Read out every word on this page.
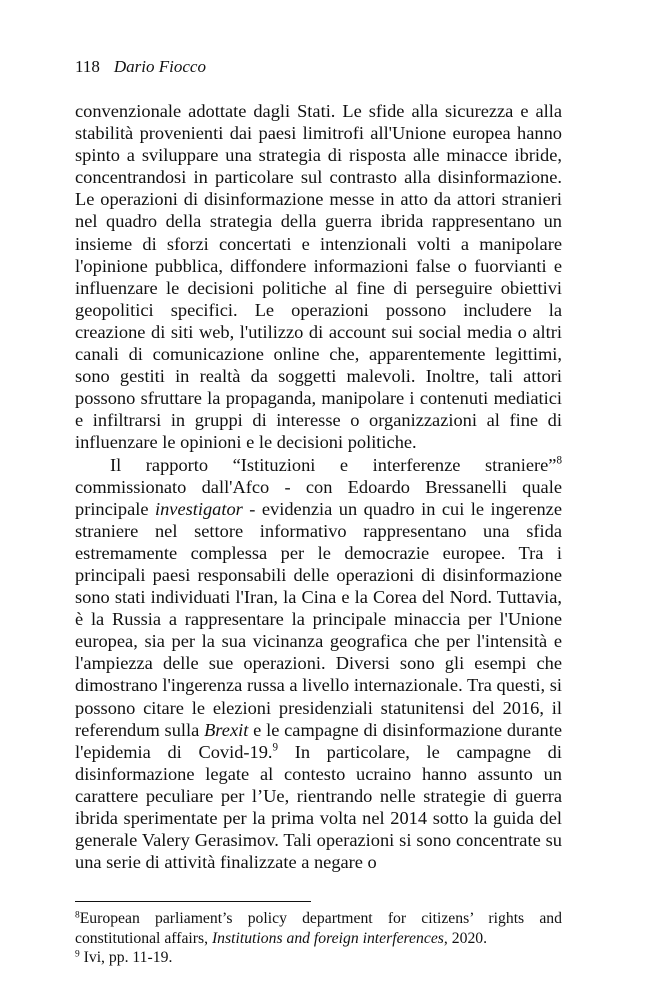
118 Dario Fiocco

convenzionale adottate dagli Stati. Le sfide alla sicurezza e alla stabilità provenienti dai paesi limitrofi all'Unione europea hanno spinto a sviluppare una strategia di risposta alle minacce ibride, concentrandosi in particolare sul contrasto alla disinformazione. Le operazioni di disinformazione messe in atto da attori stranieri nel quadro della strategia della guerra ibrida rappresentano un insieme di sforzi concertati e intenzionali volti a manipolare l'opinione pubblica, diffondere informazioni false o fuorvianti e influenzare le decisioni politiche al fine di perseguire obiettivi geopolitici specifici. Le operazioni possono includere la creazione di siti web, l'utilizzo di account sui social media o altri canali di comunicazione online che, apparentemente legittimi, sono gestiti in realtà da soggetti malevoli. Inoltre, tali attori possono sfruttare la propaganda, manipolare i contenuti mediatici e infiltrarsi in gruppi di interesse o organizzazioni al fine di influenzare le opinioni e le decisioni politiche.

Il rapporto “Istituzioni e interferenze straniere”$^8$ commissionato dall'Afco - con Edoardo Bressanelli quale principale investigator - evidenzia un quadro in cui le ingerenze straniere nel settore informativo rappresentano una sfida estremamente complessa per le democrazie europee. Tra i principali paesi responsabili delle operazioni di disinformazione sono stati individuati l'Iran, la Cina e la Corea del Nord. Tuttavia, è la Russia a rappresentare la principale minaccia per l'Unione europea, sia per la sua vicinanza geografica che per l'intensità e l'ampiezza delle sue operazioni. Diversi sono gli esempi che dimostrano l'ingerenza russa a livello internazionale. Tra questi, si possono citare le elezioni presidenziali statunitensi del 2016, il referendum sulla Brexit e le campagne di disinformazione durante l'epidemia di Covid-19.$^9$ In particolare, le campagne di disinformazione legate al contesto ucraino hanno assunto un carattere peculiare per l’Ue, rientrando nelle strategie di guerra ibrida sperimentate per la prima volta nel 2014 sotto la guida del generale Valery Gerasimov. Tali operazioni si sono concentrate su una serie di attività finalizzate a negare o

$^8$European parliament’s policy department for citizens’ rights and constitutional affairs, Institutions and foreign interferences, 2020.

$^9$ Ivi, pp. 11-19.
